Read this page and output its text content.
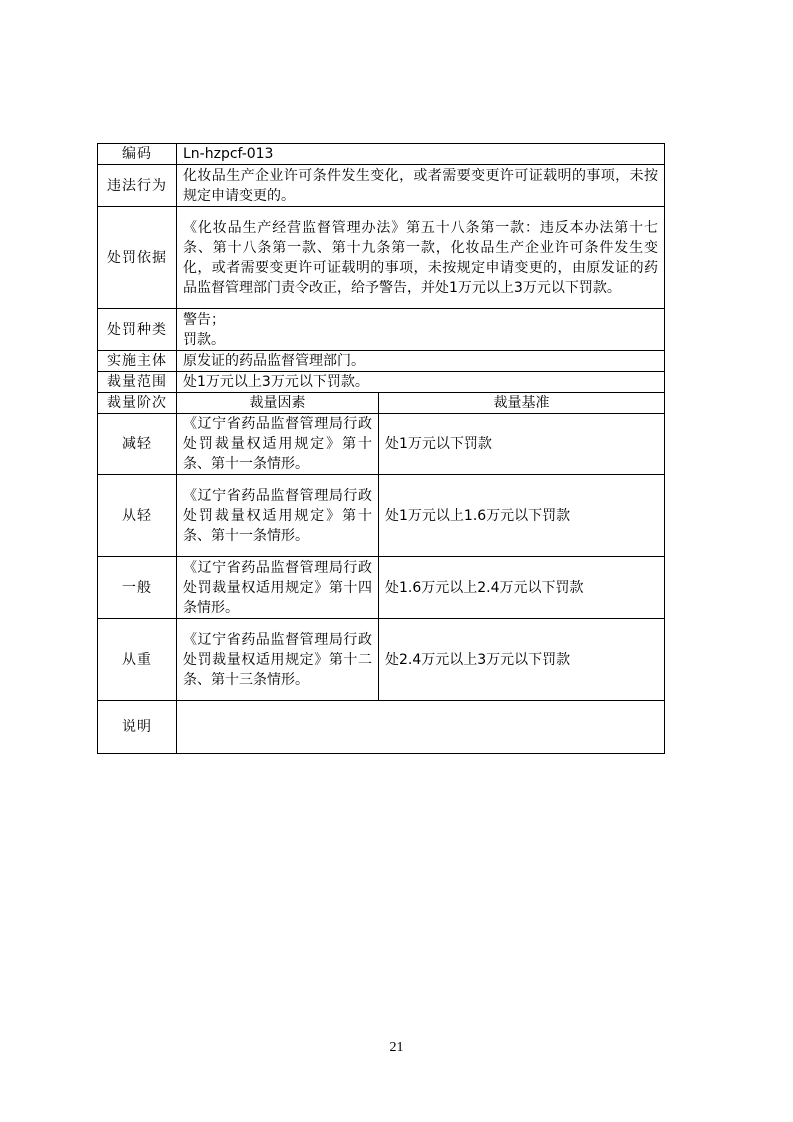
编码	Ln-hzpcf-013	
违法行为	化妆品生产企业许可条件发生变化，或者需要变更许可证载明的事项，未按规定申请变更的。	
处罚依据	《化妆品生产经营监督管理办法》第五十八条第一款：违反本办法第十七条、第十八条第一款、第十九条第一款，化妆品生产企业许可条件发生变化，或者需要变更许可证载明的事项，未按规定申请变更的，由原发证的药品监督管理部门责令改正，给予警告，并处1万元以上3万元以下罚款。	
处罚种类	警告；
罚款。	

实施主体	原发证的药品监督管理部门。	
裁量范围	处1万元以上3万元以下罚款。	
裁量阶次	裁量因素	裁量基准
减轻	《辽宁省药品监督管理局行政处罚裁量权适用规定》第十条、第十一条情形。	处1万元以下罚款
从轻	《辽宁省药品监督管理局行政处罚裁量权适用规定》第十条、第十一条情形。	处1万元以上1.6万元以下罚款
一般	《辽宁省药品监督管理局行政处罚裁量权适用规定》第十四条情形。	处1.6万元以上2.4万元以下罚款
从重	《辽宁省药品监督管理局行政处罚裁量权适用规定》第十二条、第十三条情形。	处2.4万元以上3万元以下罚款
说明		
21
